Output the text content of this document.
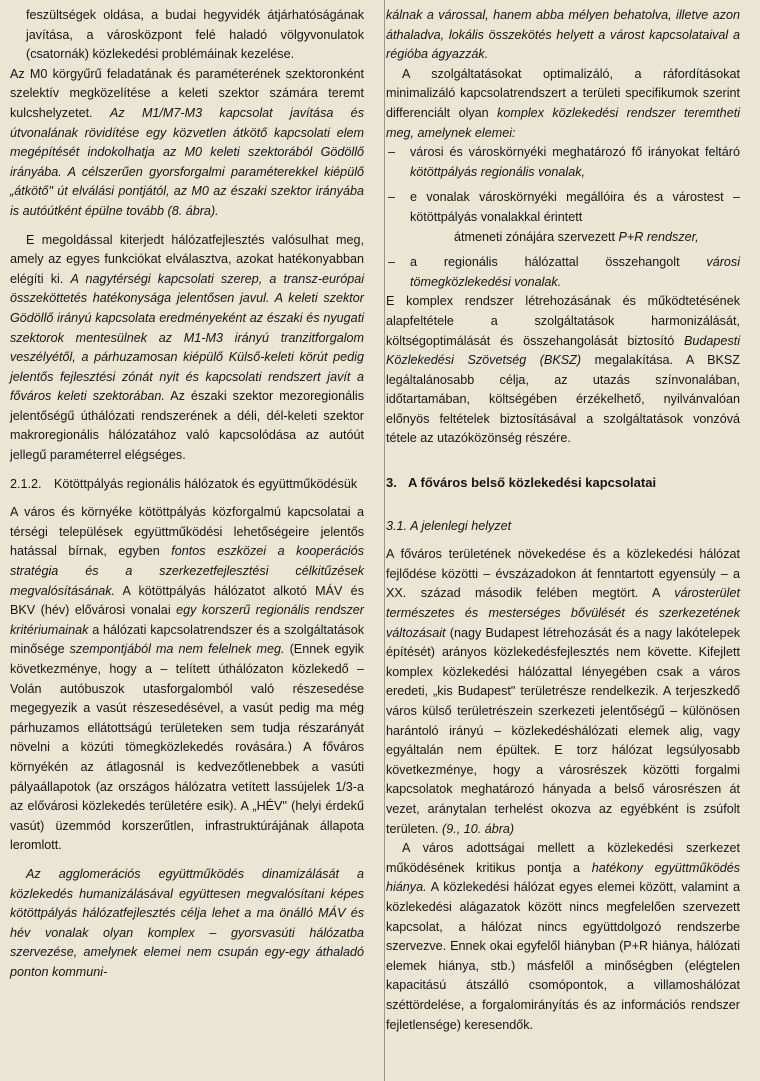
feszültségek oldása, a budai hegyvidék átjárhatóságának javítása, a városközpont felé haladó völgyvonulatok (csatornák) közlekedési problémáinak kezelése.

Az M0 körgyűrű feladatának és paraméterének szektoronként szelektív megközelítése a keleti szektor számára teremt kulcshelyzetet. Az M1/M7-M3 kapcsolat javítása és útvonalának rövidítése egy közvetlen átkötő kapcsolati elem megépítését indokolhatja az M0 keleti szektorából Gödöllő irányába. A célszerűen gyorsforgalmi paraméterekkel kiépülő „átkötő" út elválási pontjától, az M0 az északi szektor irányába is autóútként épülne tovább (8. ábra).

E megoldással kiterjedt hálózatfejlesztés valósulhat meg, amely az egyes funkciókat elválasztva, azokat hatékonyabban elégíti ki. A nagytérségi kapcsolati szerep, a transz-európai összeköttetés hatékonysága jelentősen javul. A keleti szektor Gödöllő irányú kapcsolata eredményeként az északi és nyugati szektorok mentesülnek az M1-M3 irányú tranzitforgalom veszélyétől, a párhuzamosan kiépülő Külső-keleti körút pedig jelentős fejlesztési zónát nyit és kapcsolati rendszert javít a főváros keleti szektorában. Az északi szektor mezoregionális jelentőségű úthálózati rendszerének a déli, dél-keleti szektor makroregionális hálózatához való kapcsolódása az autóút jellegű paraméterrel elégséges.

2.1.2. Kötöttpályás regionális hálózatok és együttműködésük

A város és környéke kötöttpályás közforgalmú kapcsolatai a térségi települések együttműködési lehetőségeire jelentős hatással bírnak, egyben fontos eszközei a kooperációs stratégia és a szerkezetfejlesztési célkitűzések megvalósításának. A kötöttpályás hálózatot alkotó MÁV és BKV (hév) elővárosi vonalai egy korszerű regionális rendszer kritériumainak a hálózati kapcsolatrendszer és a szolgáltatások minősége szempontjából ma nem felelnek meg. (Ennek egyik következménye, hogy a – telített úthálózaton közlekedő – Volán autóbuszok utasforgalomból való részesedése megegyezik a vasút részesedésével, a vasút pedig ma még párhuzamos ellátottságú területeken sem tudja részarányát növelni a közúti tömegközlekedés rovására.) A főváros környékén az átlagosnál is kedvezőtlenebbek a vasúti pályaállapotok (az országos hálózatra vetített lassújelek 1/3-a az elővárosi közlekedés területére esik). A „HÉV" (helyi érdekű vasút) üzemmód korszerűtlen, infrastruktúrájának állapota leromlott.

Az agglomerációs együttműködés dinamizálását a közlekedés humanizálásával együttesen megvalósítani képes kötöttpályás hálózatfejlesztés célja lehet a ma önálló MÁV és hév vonalak olyan komplex – gyorsvasúti hálózatba szervezése, amelynek elemei nem csupán egy-egy áthaladó ponton kommuni-

kálnak a várossal, hanem abba mélyen behatolva, illetve azon áthaladva, lokális összekötés helyett a várost kapcsolataival a régióba ágyazzák.

A szolgáltatásokat optimalizáló, a ráfordításokat minimalizáló kapcsolatrendszert a területi specifikumok szerint differenciált olyan komplex közlekedési rendszer teremtheti meg, amelynek elemei:

– városi és városkörnyéki meghatározó fő irányokat feltáró kötöttpályás regionális vonalak,
– e vonalak városkörnyéki megállóira és a várostest – kötöttpályás vonalakkal érintett
átmeneti zónájára szervezett P+R rendszer,
– a regionális hálózattal összehangolt városi tömegközlekedési vonalak.

E komplex rendszer létrehozásának és működtetésének alapfeltétele a szolgáltatások harmonizálását, költségoptimálását és összehangolását biztosító Budapesti Közlekedési Szövetség (BKSZ) megalakítása. A BKSZ legáltalánosabb célja, az utazás színvonalában, időtartamában, költségében érzékelhető, nyilvánvalóan előnyös feltételek biztosításával a szolgáltatások vonzóvá tétele az utazóközönség részére.

3. A főváros belső közlekedési kapcsolatai

3.1. A jelenlegi helyzet

A főváros területének növekedése és a közlekedési hálózat fejlődése közötti – évszázadokon át fenntartott egyensúly – a XX. század második felében megtört. A városterület természetes és mesterséges bővülését és szerkezetének változásait (nagy Budapest létrehozását és a nagy lakótelepek építését) arányos közlekedésfejlesztés nem követte. Kifejlett komplex közlekedési hálózattal lényegében csak a város eredeti, „kis Budapest" területrésze rendelkezik. A terjeszkedő város külső területrészein szerkezeti jelentőségű – különösen harántoló irányú – közlekedéshálózati elemek alig, vagy egyáltalán nem épültek. E torz hálózat legsúlyosabb következménye, hogy a városrészek közötti forgalmi kapcsolatok meghatározó hányada a belső városrészen át vezet, aránytalan terhelést okozva az egyébként is zsúfolt területen. (9., 10. ábra)

A város adottságai mellett a közlekedési szerkezet működésének kritikus pontja a hatékony együttműködés hiánya. A közlekedési hálózat egyes elemei között, valamint a közlekedési alágazatok között nincs megfelelően szervezett kapcsolat, a hálózat nincs együttdolgozó rendszerbe szervezve. Ennek okai egyfelől hiányban (P+R hiánya, hálózati elemek hiánya, stb.) másfelől a minőségben (elégtelen kapacitású átszálló csomópontok, a villamoshálózat széttördelése, a forgalomirányítás és az információs rendszer fejletlensége) keresendők.
